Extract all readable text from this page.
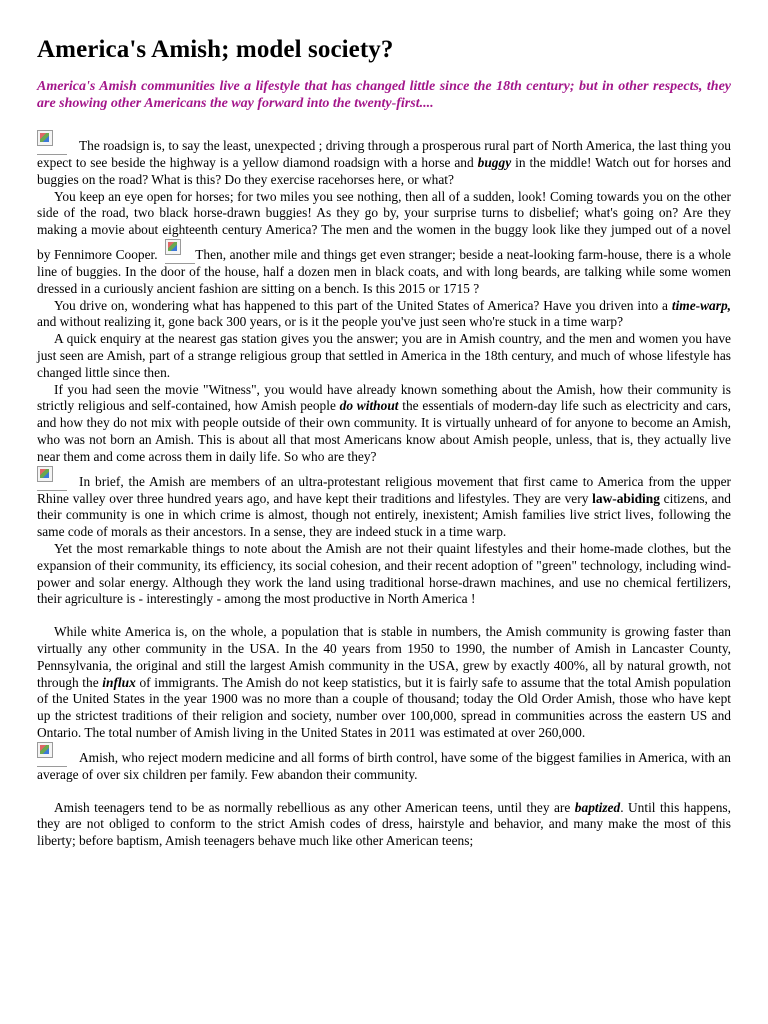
America's Amish; model society?
America's Amish communities live a lifestyle that has changed little since the 18th century; but in other respects, they are showing other Americans the way forward into the twenty-first....

The roadsign is, to say the least, unexpected ; driving through a prosperous rural part of North America, the last thing you expect to see beside the highway is a yellow diamond roadsign with a horse and buggy in the middle! Watch out for horses and buggies on the road? What is this? Do they exercise racehorses here, or what?

You keep an eye open for horses; for two miles you see nothing, then all of a sudden, look! Coming towards you on the other side of the road, two black horse-drawn buggies! As they go by, your surprise turns to disbelief; what's going on? Are they making a movie about eighteenth century America? The men and the women in the buggy look like they jumped out of a novel by Fennimore Cooper.	Then, another mile and things get even stranger; beside a neat-looking farm-house, there is a whole line of buggies. In the door of the house, half a dozen men in black coats, and with long beards, are talking while some women dressed in a curiously ancient fashion are sitting on a bench. Is this 2015 or 1715 ?

You drive on, wondering what has happened to this part of the United States of America? Have you driven into a time-warp, and without realizing it, gone back 300 years, or is it the people you've just seen who're stuck in a time warp?

A quick enquiry at the nearest gas station gives you the answer; you are in Amish country, and the men and women you have just seen are Amish, part of a strange religious group that settled in America in the 18th century, and much of whose lifestyle has changed little since then.

If you had seen the movie "Witness", you would have already known something about the Amish, how their community is strictly religious and self-contained, how Amish people do without the essentials of modern-day life such as electricity and cars, and how they do not mix with people outside of their own community. It is virtually unheard of for anyone to become an Amish, who was not born an Amish. This is about all that most Americans know about Amish people, unless, that is, they actually live near them and come across them in daily life. So who are they?

In brief, the Amish are members of an ultra-protestant religious movement that first came to America from the upper Rhine valley over three hundred years ago, and have kept their traditions and lifestyles. They are very law-abiding citizens, and their community is one in which crime is almost, though not entirely, inexistent; Amish families live strict lives, following the same code of morals as their ancestors. In a sense, they are indeed stuck in a time warp.

Yet the most remarkable things to note about the Amish are not their quaint lifestyles and their home-made clothes, but the expansion of their community, its efficiency, its social cohesion, and their recent adoption of "green" technology, including wind-power and solar energy. Although they work the land using traditional horse-drawn machines, and use no chemical fertilizers, their agriculture is - interestingly - among the most productive in North America !

While white America is, on the whole, a population that is stable in numbers, the Amish community is growing faster than virtually any other community in the USA. In the 40 years from 1950 to 1990, the number of Amish in Lancaster County, Pennsylvania, the original and still the largest Amish community in the USA, grew by exactly 400%, all by natural growth, not through the influx of immigrants. The Amish do not keep statistics, but it is fairly safe to assume that the total Amish population of the United States in the year 1900 was no more than a couple of thousand; today the Old Order Amish, those who have kept up the strictest traditions of their religion and society, number over 100,000, spread in communities across the eastern US and Ontario. The total number of Amish living in the United States in 2011 was estimated at over 260,000.

Amish, who reject modern medicine and all forms of birth control, have some of the biggest families in America, with an average of over six children per family. Few abandon their community.

Amish teenagers tend to be as normally rebellious as any other American teens, until they are baptized. Until this happens, they are not obliged to conform to the strict Amish codes of dress, hairstyle and behavior, and many make the most of this liberty; before baptism, Amish teenagers behave much like other American teens;
